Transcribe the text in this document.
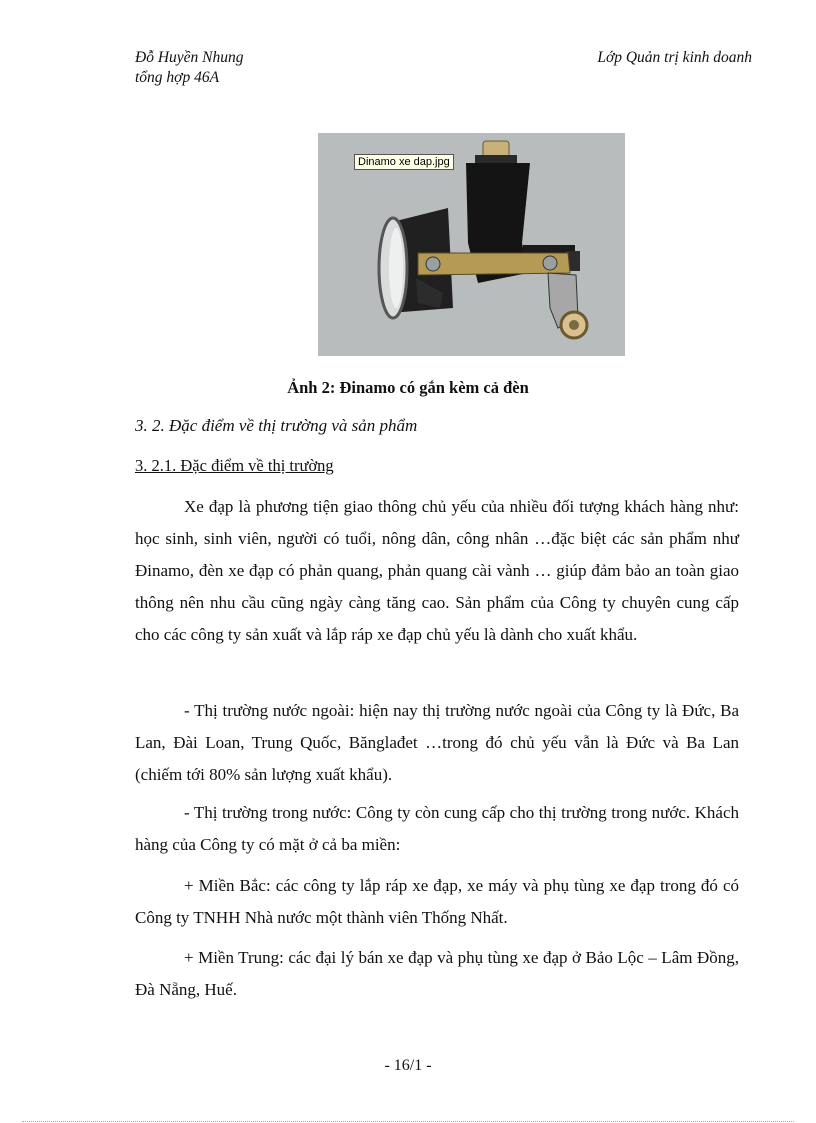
Đỗ Huyền Nhung
tổng hợp 46A
Lớp Quản trị kinh doanh
Dinamo xe dap.jpg
Ảnh 2: Đinamo có gắn kèm cả đèn
3. 2. Đặc điểm về thị trường và sản phẩm
3. 2.1. Đặc điểm về thị trường
Xe đạp là phương tiện giao thông chủ yếu của nhiều đối tượng khách hàng như: học sinh, sinh viên, người có tuổi, nông dân, công nhân …đặc biệt các sản phẩm như Đinamo, đèn xe đạp có phản quang, phản quang cài vành … giúp đảm bảo an toàn giao thông nên nhu cầu cũng ngày càng tăng cao. Sản phẩm của Công ty chuyên cung cấp cho các công ty sản xuất và lắp ráp xe đạp chủ yếu là dành cho xuất khẩu.
- Thị trường nước ngoài: hiện nay thị trường nước ngoài của Công ty là Đức, Ba Lan, Đài Loan, Trung Quốc, Bănglađet …trong đó chủ yếu vẫn là Đức và Ba Lan (chiếm tới 80% sản lượng xuất khẩu).
- Thị trường trong nước: Công ty còn cung cấp cho thị trường trong nước. Khách hàng của Công ty có mặt ở cả ba miền:
+ Miền Bắc: các công ty lắp ráp xe đạp, xe máy và phụ tùng xe đạp trong đó có Công ty TNHH Nhà nước một thành viên Thống Nhất.
+ Miền Trung: các đại lý bán xe đạp và phụ tùng xe đạp ở Bảo Lộc – Lâm Đồng, Đà Nẵng, Huế.
- 16/1 -
